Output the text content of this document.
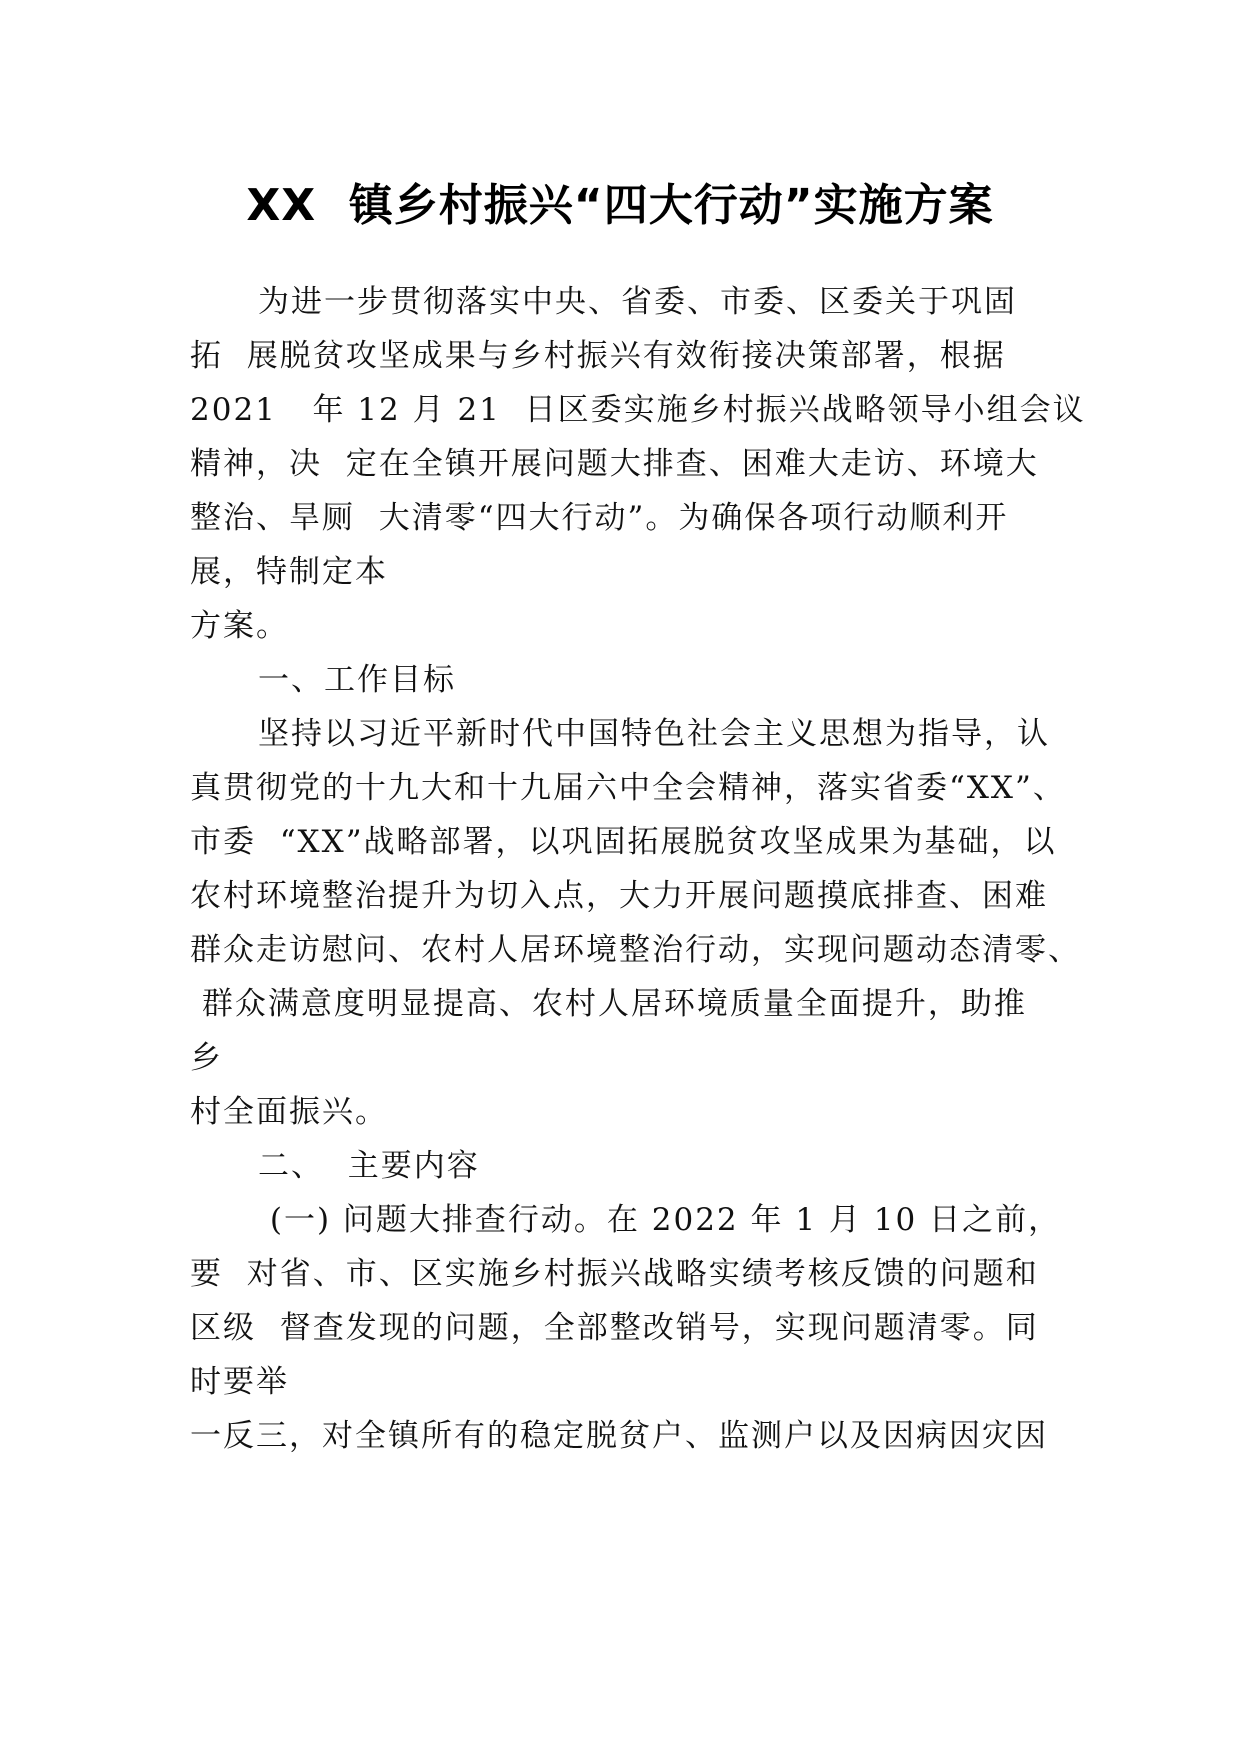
XX  镇乡村振兴“四大行动”实施方案
为进一步贯彻落实中央、省委、市委、区委关于巩固
拓  展脱贫攻坚成果与乡村振兴有效衔接决策部署，根据
2021   年 12 月 21  日区委实施乡村振兴战略领导小组会议
精神，决  定在全镇开展问题大排查、困难大走访、环境大
整治、旱厕  大清零“四大行动”。为确保各项行动顺利开
展，特制定本
方案。
一、工作目标
坚持以习近平新时代中国特色社会主义思想为指导，认
真贯彻党的十九大和十九届六中全会精神，落实省委“XX”、
市委  “XX”战略部署，以巩固拓展脱贫攻坚成果为基础，以
农村环境整治提升为切入点，大力开展问题摸底排查、困难
群众走访慰问、农村人居环境整治行动，实现问题动态清零、
群众满意度明显提高、农村人居环境质量全面提升，助推
乡
村全面振兴。
二、  主要内容
(一) 问题大排查行动。在 2022 年 1 月 10 日之前，
要  对省、市、区实施乡村振兴战略实绩考核反馈的问题和
区级  督查发现的问题，全部整改销号，实现问题清零。同
时要举
一反三，对全镇所有的稳定脱贫户、监测户以及因病因灾因
